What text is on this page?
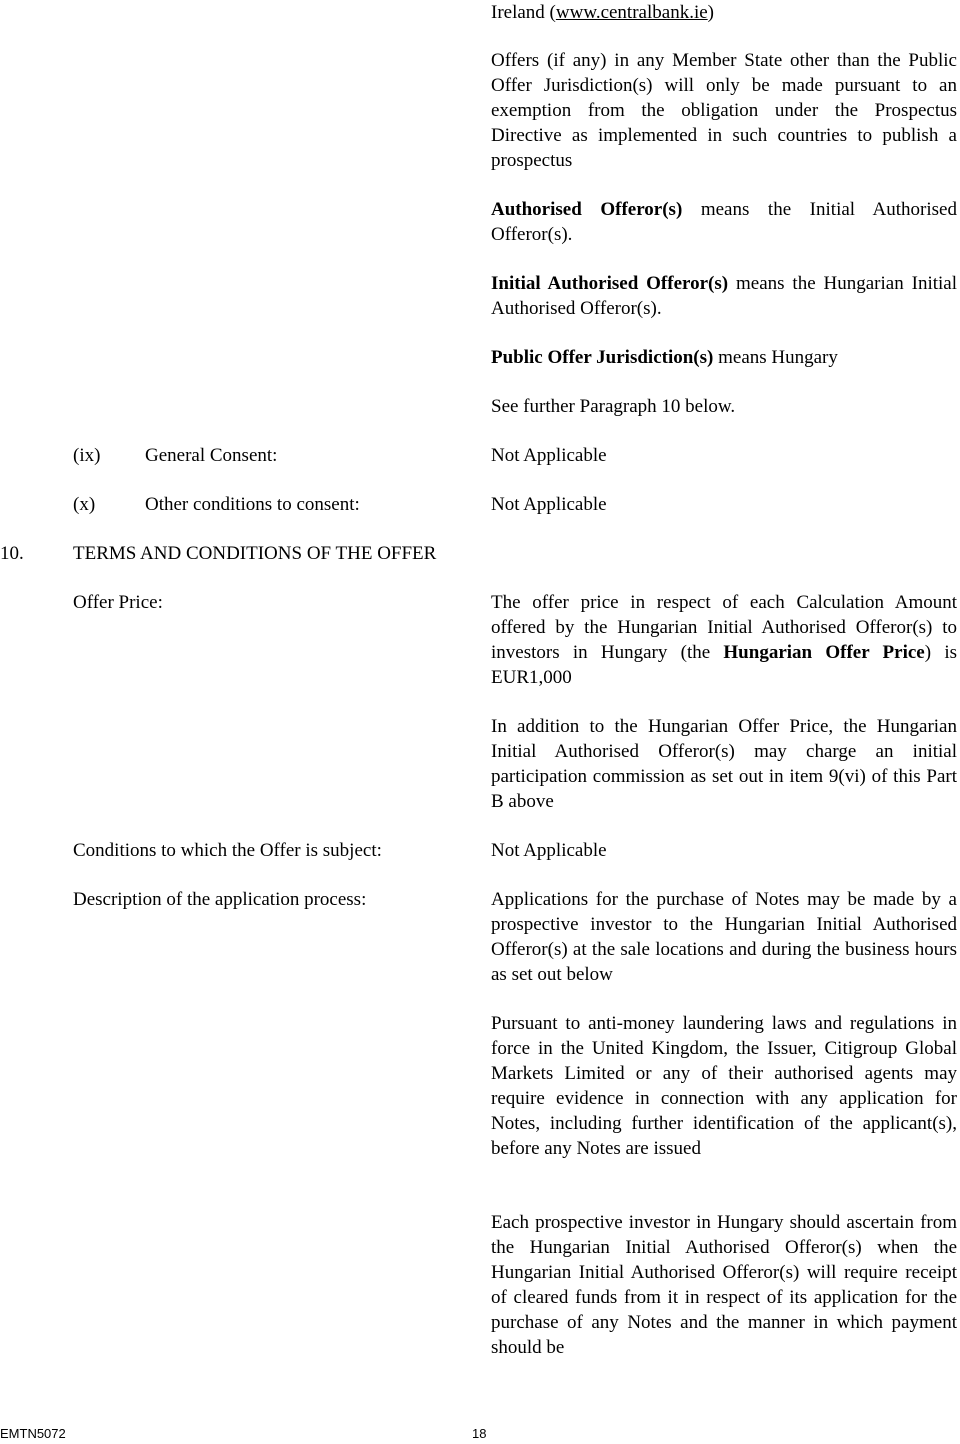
Ireland (www.centralbank.ie)

Offers (if any) in any Member State other than the Public Offer Jurisdiction(s) will only be made pursuant to an exemption from the obligation under the Prospectus Directive as implemented in such countries to publish a prospectus

Authorised Offeror(s) means the Initial Authorised Offeror(s).

Initial Authorised Offeror(s) means the Hungarian Initial Authorised Offeror(s).

Public Offer Jurisdiction(s) means Hungary

See further Paragraph 10 below.

(ix) General Consent:	Not Applicable
(x)	Other conditions to consent:	Not Applicable
10.	TERMS AND CONDITIONS OF THE OFFER
Offer Price:	The offer price in respect of each Calculation Amount offered by the Hungarian Initial Authorised Offeror(s) to investors in Hungary (the Hungarian Offer Price) is EUR1,000

In addition to the Hungarian Offer Price, the Hungarian Initial Authorised Offeror(s) may charge an initial participation commission as set out in item 9(vi) of this Part B above

Conditions to which the Offer is subject:	Not Applicable
Description of the application process:	Applications for the purchase of Notes may be made by a prospective investor to the Hungarian Initial Authorised Offeror(s) at the sale locations and during the business hours as set out below

Pursuant to anti-money laundering laws and regulations in force in the United Kingdom, the Issuer, Citigroup Global Markets Limited or any of their authorised agents may require evidence in connection with any application for Notes, including further identification of the applicant(s), before any Notes are issued

Each prospective investor in Hungary should ascertain from the Hungarian Initial Authorised Offeror(s) when the Hungarian Initial Authorised Offeror(s) will require receipt of cleared funds from it in respect of its application for the purchase of any Notes and the manner in which payment should be

EMTN5072	18
